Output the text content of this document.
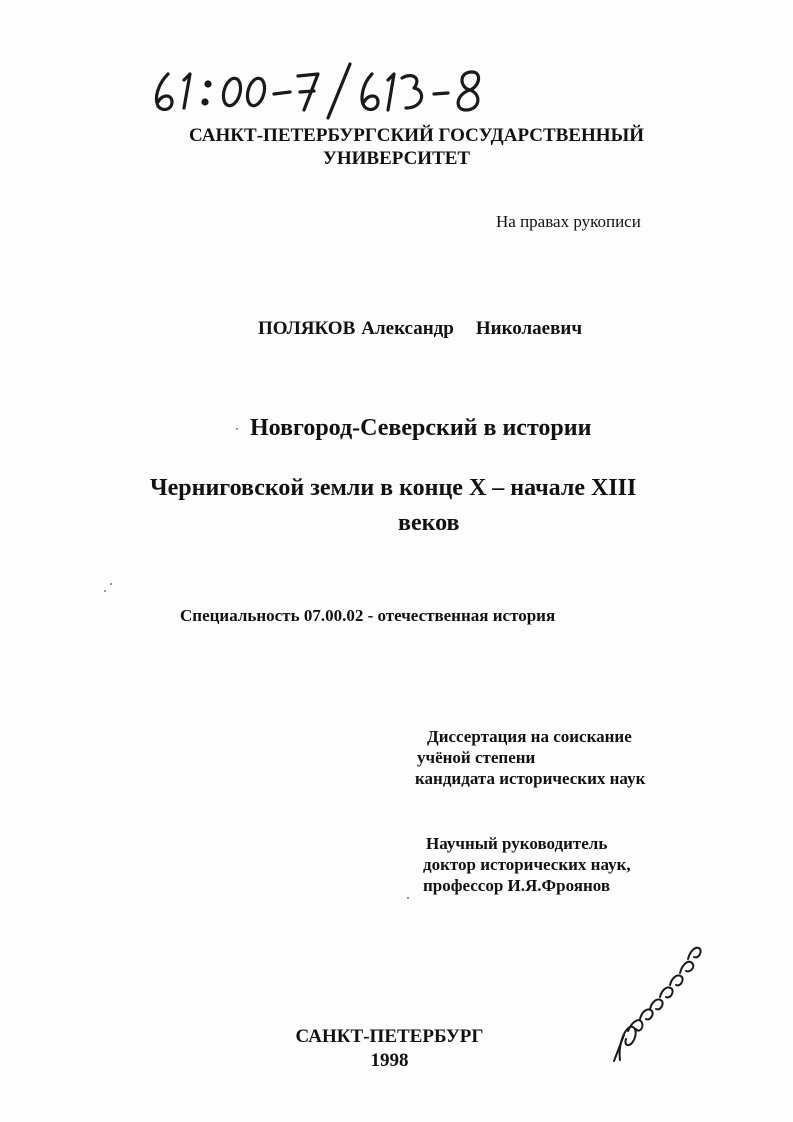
САНКТ-ПЕТЕРБУРГСКИЙ ГОСУДАРСТВЕННЫЙ
УНИВЕРСИТЕТ
На правах рукописи
ПОЛЯКОВ Александр Николаевич
Новгород-Северский в истории
Черниговской земли в конце X – начале XIII
веков
Специальность 07.00.02 - отечественная история
Диссертация на соискание
учёной степени
кандидата исторических наук
Научный руководитель
доктор исторических наук,
профессор И.Я.Фроянов
САНКТ-ПЕТЕРБУРГ
1998
